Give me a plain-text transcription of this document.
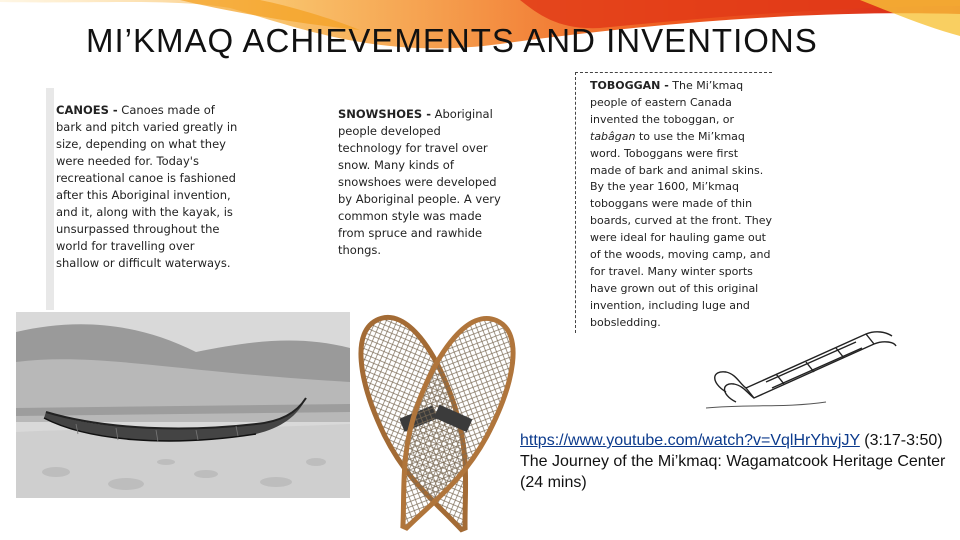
MI’KMAQ ACHIEVEMENTS AND INVENTIONS
CANOES - Canoes made of bark and pitch varied greatly in size, depending on what they were needed for. Today's recreational canoe is fashioned after this Aboriginal invention, and it, along with the kayak, is unsurpassed throughout the world for travelling over shallow or difficult waterways.
SNOWSHOES - Aboriginal people developed technology for travel over snow. Many kinds of snowshoes were developed by Aboriginal people. A very common style was made from spruce and rawhide thongs.
TOBOGGAN - The Mi’kmaq people of eastern Canada invented the toboggan, or tabâgan to use the Mi’kmaq word. Toboggans were first made of bark and animal skins. By the year 1600, Mi’kmaq toboggans were made of thin boards, curved at the front. They were ideal for hauling game out of the woods, moving camp, and for travel. Many winter sports have grown out of this original invention, including luge and bobsledding.
https://www.youtube.com/watch?v=VqlHrYhvjJY (3:17-3:50)
The Journey of the Mi’kmaq: Wagamatcook Heritage Center (24 mins)
